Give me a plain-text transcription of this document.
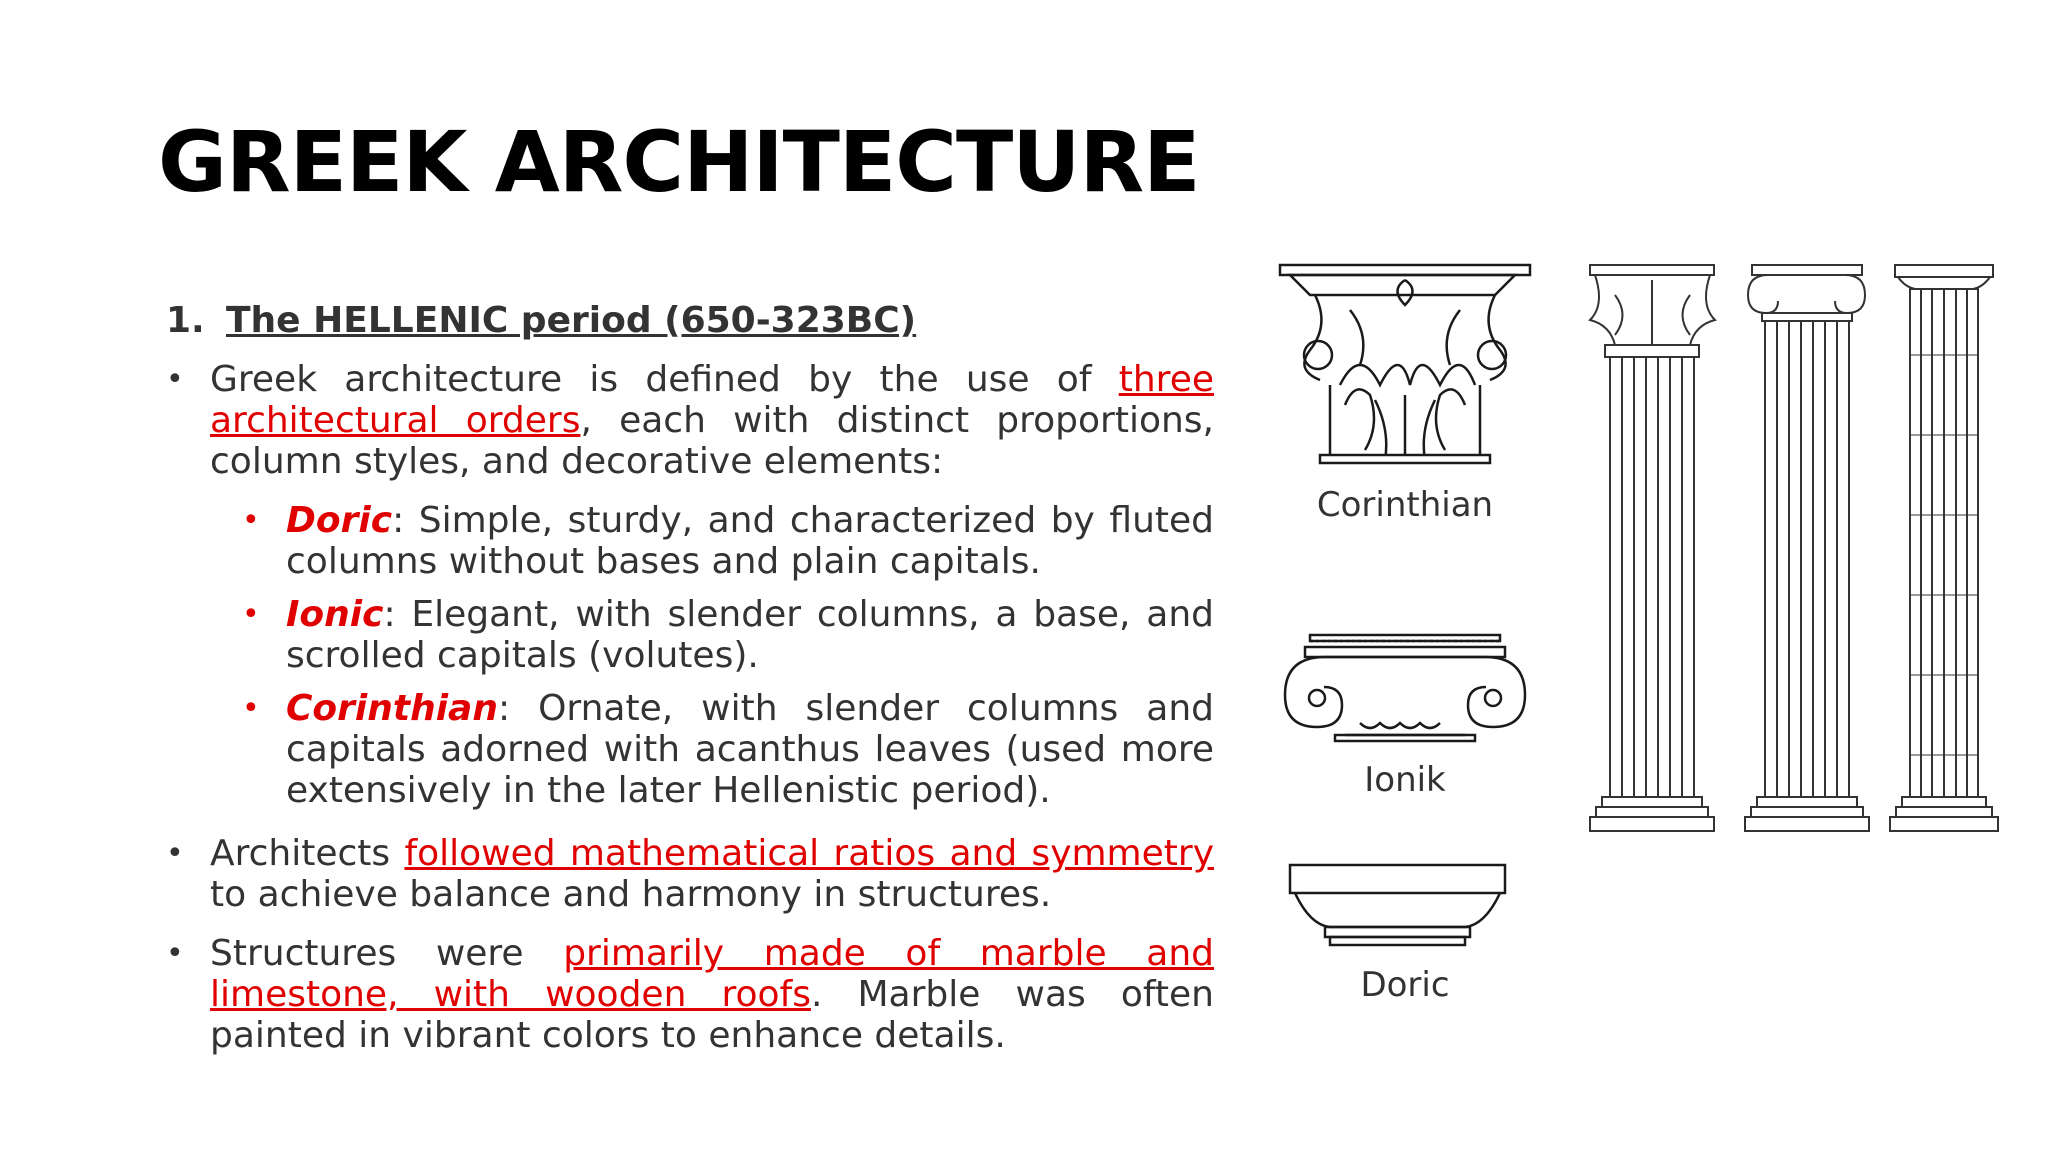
GREEK ARCHITECTURE
1. The HELLENIC period (650-323BC)
• Greek architecture is defined by the use of three architectural orders, each with distinct proportions, column styles, and decorative elements:
• Doric: Simple, sturdy, and characterized by fluted columns without bases and plain capitals.
• Ionic: Elegant, with slender columns, a base, and scrolled capitals (volutes).
• Corinthian: Ornate, with slender columns and capitals adorned with acanthus leaves (used more extensively in the later Hellenistic period).
• Architects followed mathematical ratios and symmetry to achieve balance and harmony in structures.
• Structures were primarily made of marble and limestone, with wooden roofs. Marble was often painted in vibrant colors to enhance details.
Corinthian
Ionik
Doric
